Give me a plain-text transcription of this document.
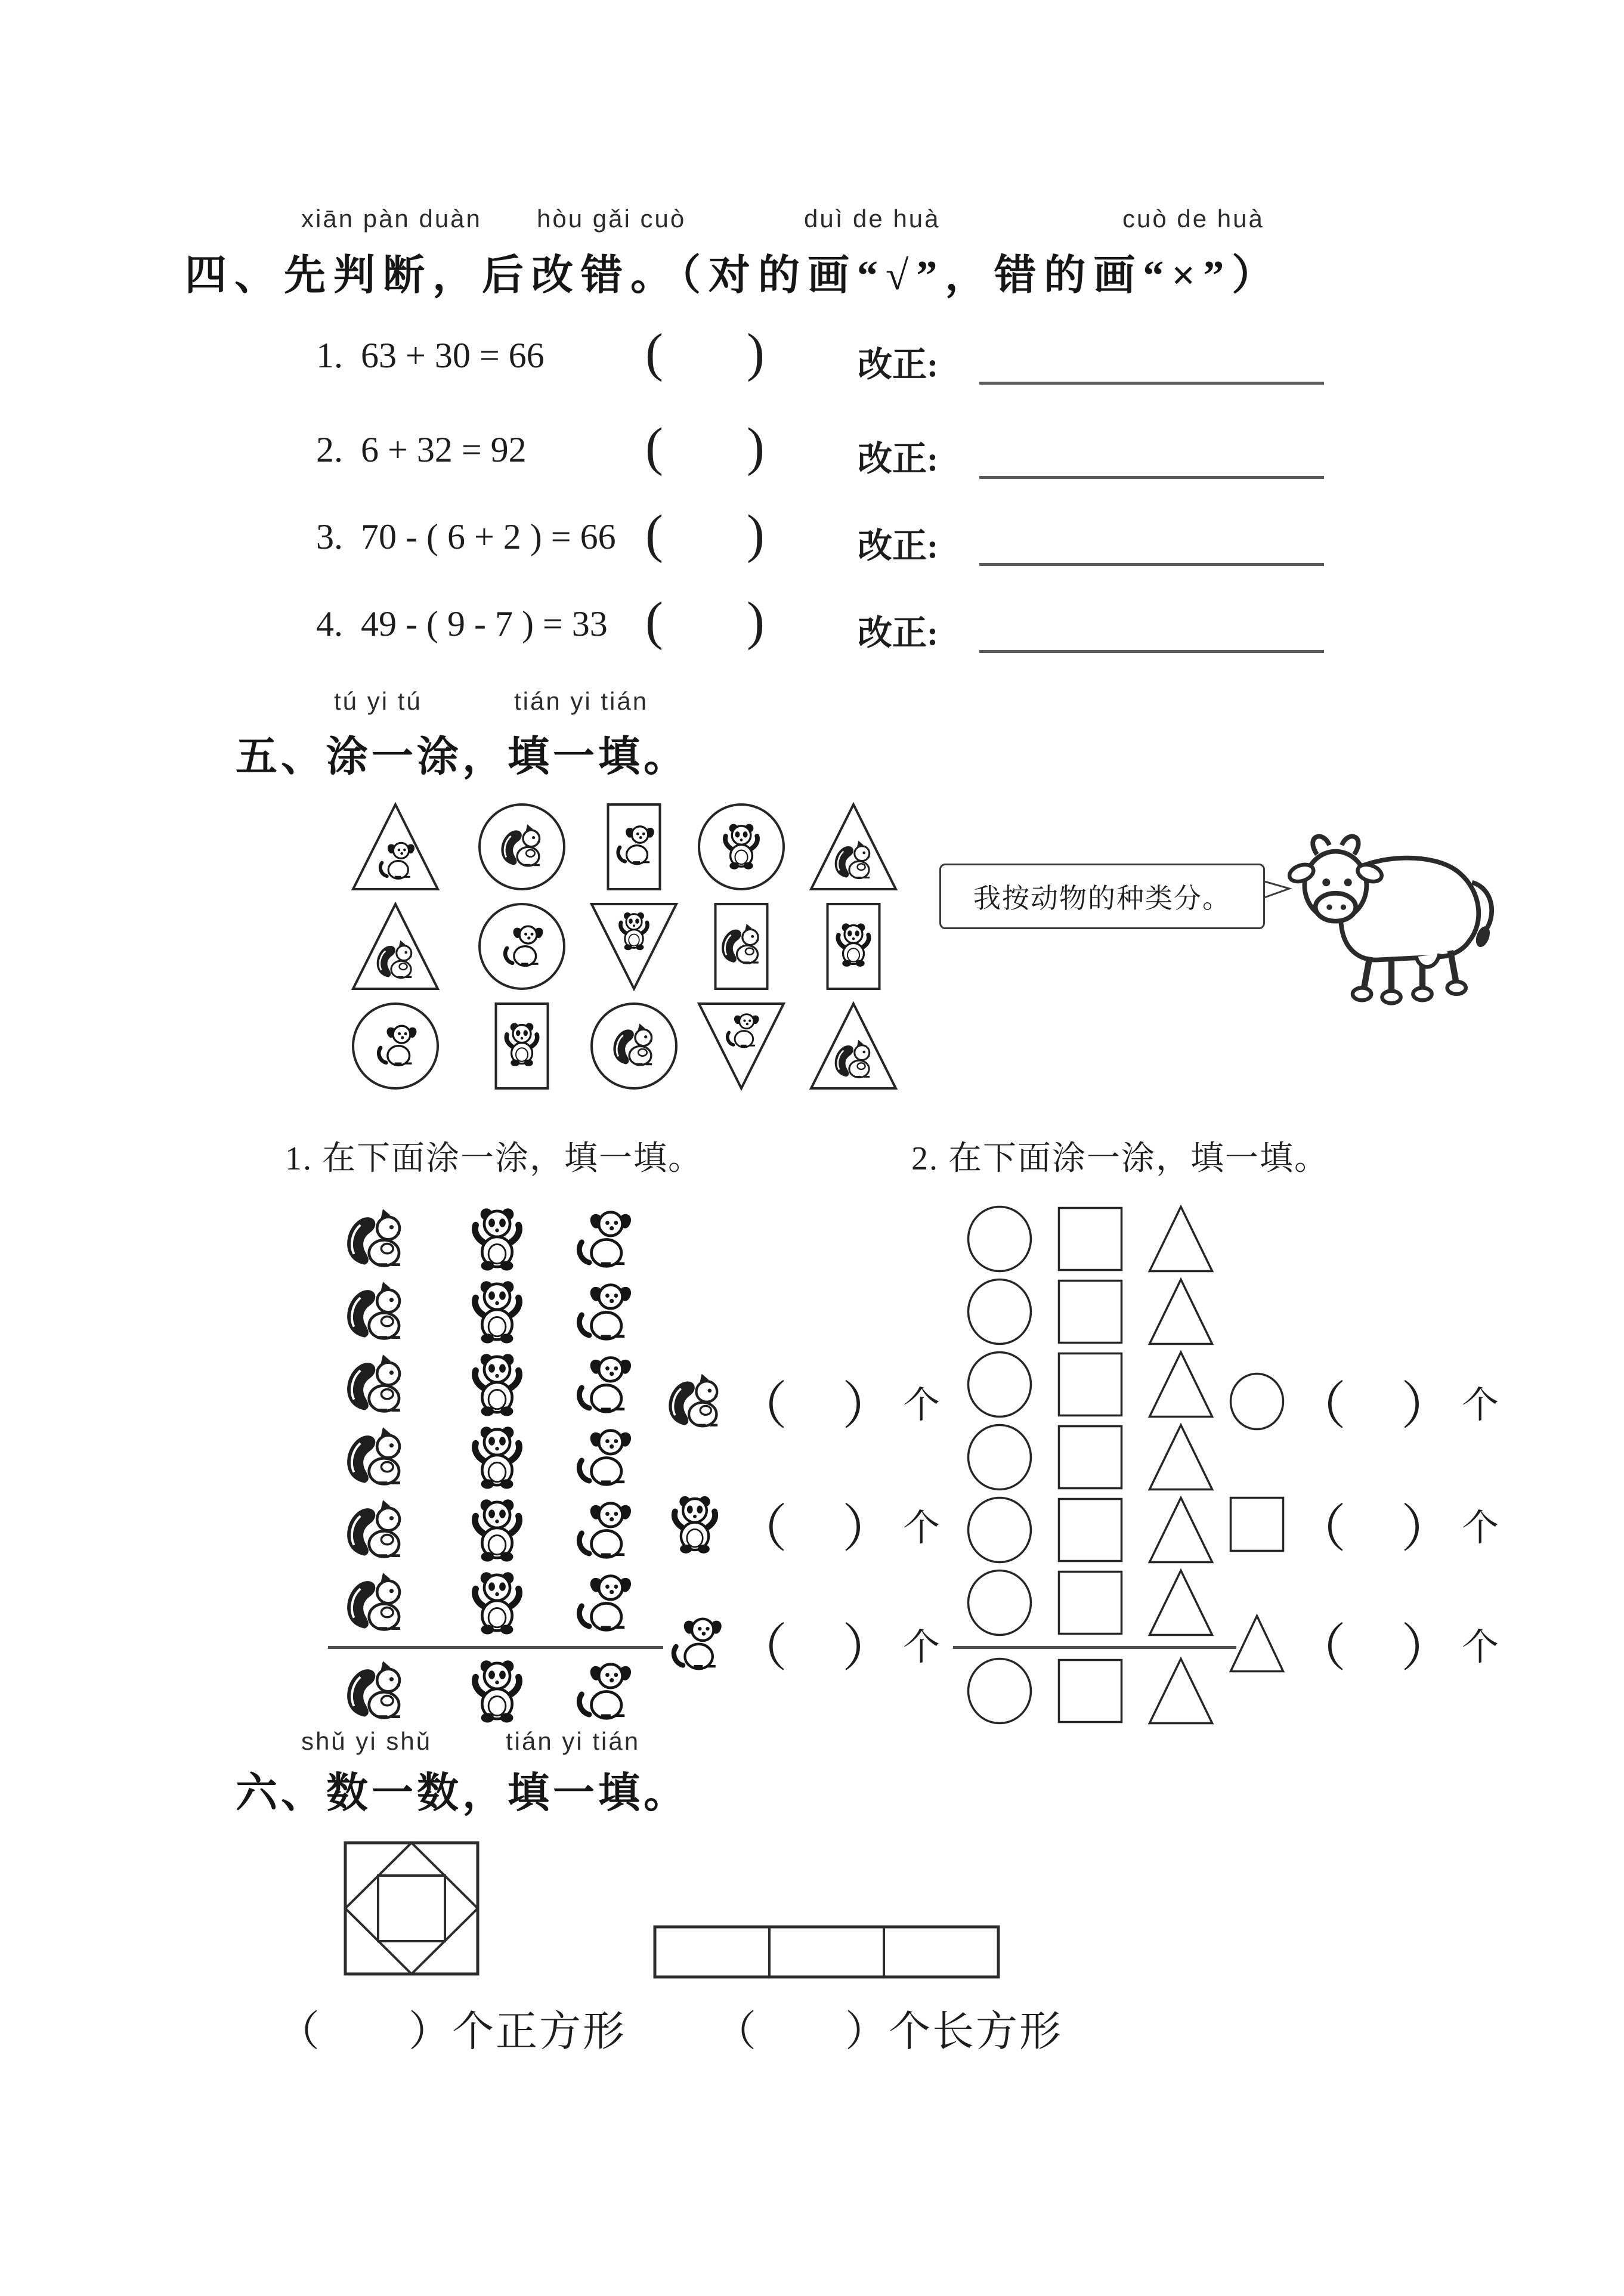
xiān pàn duàn hòu gǎi cuò	duì de huà	cuò de huà
四、先判断，后改错。（对的画“√”，错的画“×”）
1.  63 + 30 = 66 ( )	改正:
2.  6 + 32 = 92 ( )	改正:
3.  70 - ( 6 + 2 ) = 66 ( )	改正:
4.  49 - ( 9 - 7 ) = 33 ( )	改正:
tú yi tú	tián yi tián
五、涂一涂，填一填。
我按动物的种类分。
1. 在下面涂一涂，填一填。	2. 在下面涂一涂，填一填。
（ ） 个
（ ） 个
（ ） 个
（ ） 个
（ ） 个
（ ） 个
shǔ yi shǔ	tián yi tián
六、数一数，填一填。
（　　）个正方形 （　　）个长方形
